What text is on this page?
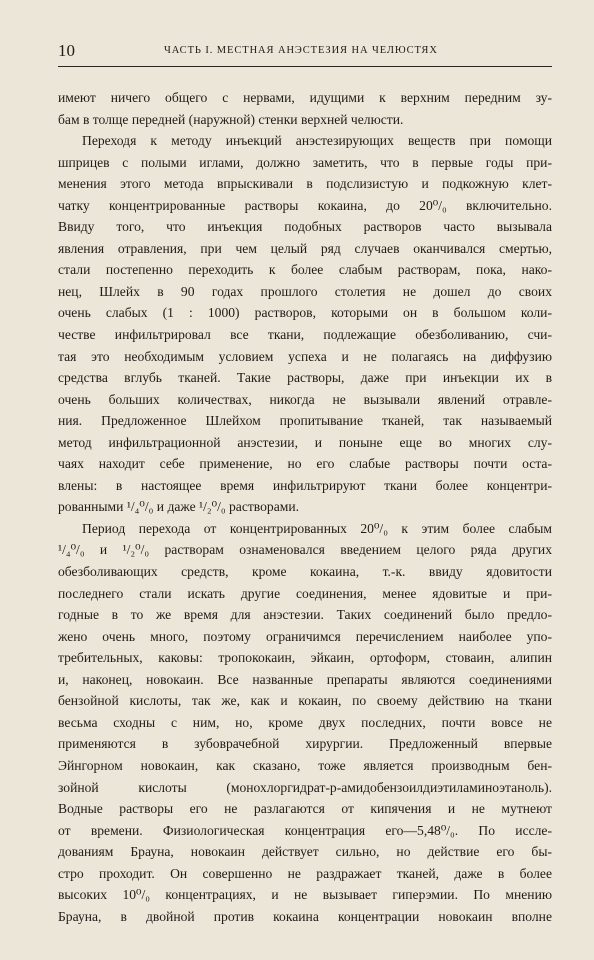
10	ЧАСТЬ I. МЕСТНАЯ АНЭСТЕЗИЯ НА ЧЕЛЮСТЯХ
имеют ничего общего с нервами, идущими к верхним передним зу-
бам в толще передней (наружной) стенки верхней челюсти.
Переходя к методу инъекций анэстезирующих веществ при помощи
шприцев с полыми иглами, должно заметить, что в первые годы при-
менения этого метода впрыскивали в подслизистую и подкожную клет-
чатку концентрированные растворы кокаина, до 20⁰/₀ включительно.
Ввиду того, что инъекция подобных растворов часто вызывала
явления отравления, при чем целый ряд случаев оканчивался смертью,
стали постепенно переходить к более слабым растворам, пока, нако-
нец, Шлейх в 90 годах прошлого столетия не дошел до своих
очень слабых (1 : 1000) растворов, которыми он в большом коли-
честве инфильтрировал все ткани, подлежащие обезболиванию, счи-
тая это необходимым условием успеха и не полагаясь на диффузию
средства вглубь тканей. Такие растворы, даже при инъекции их в
очень больших количествах, никогда не вызывали явлений отравле-
ния. Предложенное Шлейхом пропитывание тканей, так называемый
метод инфильтрационной анэстезии, и поныне еще во многих слу-
чаях находит себе применение, но его слабые растворы почти оста-
влены: в настоящее время инфильтрируют ткани более концентри-
рованными ¹/₄⁰/₀ и даже ¹/₂⁰/₀ растворами.
Период перехода от концентрированных 20⁰/₀ к этим более слабым
¹/₄⁰/₀ и ¹/₂⁰/₀ растворам ознаменовался введением целого ряда других
обезболивающих средств, кроме кокаина, т.-к. ввиду ядовитости
последнего стали искать другие соединения, менее ядовитые и при-
годные в то же время для анэстезии. Таких соединений было предло-
жено очень много, поэтому ограничимся перечислением наиболее упо-
требительных, каковы: тропококаин, эйкаин, ортоформ, стоваин, алипин
и, наконец, новокаин. Все названные препараты являются соединениями
бензойной кислоты, так же, как и кокаин, по своему действию на ткани
весьма сходны с ним, но, кроме двух последних, почти вовсе не
применяются в зубоврачебной хирургии. Предложенный впервые
Эйнгорном новокаин, как сказано, тоже является производным бен-
зойной кислоты (монохлоргидрат-р-амидобензоилдиэтиламиноэтаноль).
Водные растворы его не разлагаются от кипячения и не мутнеют
от времени. Физиологическая концентрация его—5,48⁰/₀. По иссле-
дованиям Брауна, новокаин действует сильно, но действие его бы-
стро проходит. Он совершенно не раздражает тканей, даже в более
высоких 10⁰/₀ концентрациях, и не вызывает гиперэмии. По мнению
Брауна, в двойной против кокаина концентрации новокаин вполне
